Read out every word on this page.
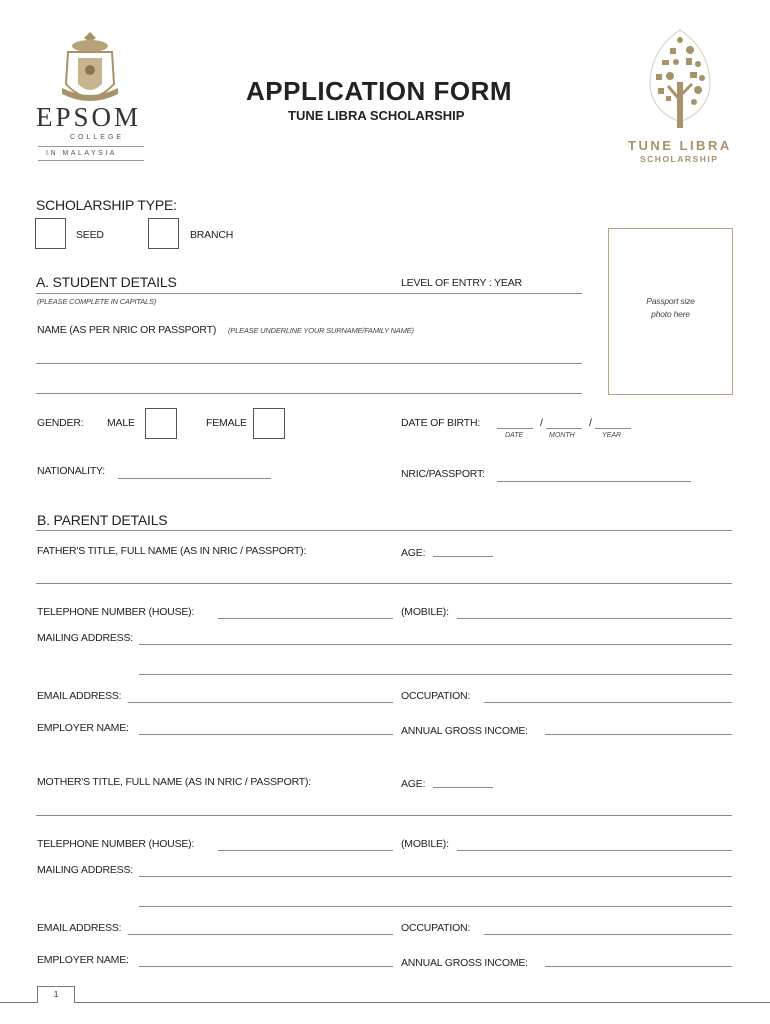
EPSOM
COLLEGE
IN MALAYSIA
APPLICATION FORM
TUNE LIBRA SCHOLARSHIP
TUNE LIBRA
SCHOLARSHIP
SCHOLARSHIP TYPE:
SEED	BRANCH
Passport size
photo here
A. STUDENT DETAILS	LEVEL OF ENTRY : YEAR
(PLEASE COMPLETE IN CAPITALS)
NAME (AS PER NRIC OR PASSPORT) (PLEASE UNDERLINE YOUR SURNAME/FAMILY NAME)
GENDER: MALE	FEMALE	DATE OF BIRTH:	/	/
DATE	MONTH	YEAR
NATIONALITY:	NRIC/PASSPORT:
B. PARENT DETAILS
FATHER'S TITLE, FULL NAME (AS IN NRIC / PASSPORT):	AGE:
TELEPHONE NUMBER (HOUSE):	(MOBILE):
MAILING ADDRESS:
EMAIL ADDRESS:	OCCUPATION:
EMPLOYER NAME:	ANNUAL GROSS INCOME:
MOTHER'S TITLE, FULL NAME (AS IN NRIC / PASSPORT):	AGE:
TELEPHONE NUMBER (HOUSE):	(MOBILE):
MAILING ADDRESS:
EMAIL ADDRESS:	OCCUPATION:
EMPLOYER NAME:	ANNUAL GROSS INCOME:
1
